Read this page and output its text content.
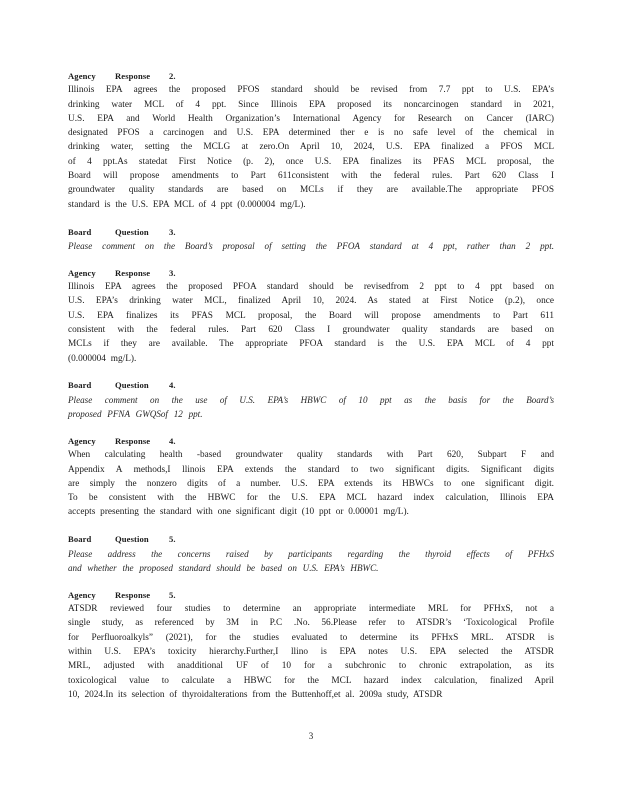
Agency	Response	2.
Illinois EPA agrees the proposed PFOS standard should be revised from 7.7 ppt to U.S. EPA’s
drinking water MCL of 4 ppt. Since Illinois EPA proposed its noncarcinogen standard in 2021,
U.S. EPA and World Health Organization’s International Agency for Research on Cancer (IARC)
designated PFOS a carcinogen and U.S. EPA determined ther e is no safe level of the chemical in
drinking water, setting the MCLG at zero.On April 10, 2024, U.S. EPA finalized a PFOS MCL
of 4 ppt.As statedat First Notice (p. 2), once U.S. EPA finalizes its PFAS MCL proposal, the
Board will propose amendments to Part 611consistent with the federal rules. Part 620 Class I
groundwater quality standards are based on MCLs if they are available.The appropriate PFOS
standard is the U.S. EPA MCL of 4 ppt (0.000004 mg/L).
Board	Question	3.
Please comment on the Board’s proposal of setting the PFOA standard at 4 ppt, rather than 2 ppt.
Agency	Response	3.
Illinois EPA agrees the proposed PFOA standard should be revisedfrom 2 ppt to 4 ppt based on
U.S. EPA’s drinking water MCL, finalized April 10, 2024. As stated at First Notice (p.2), once
U.S. EPA finalizes its PFAS MCL proposal, the Board will propose amendments to Part 611
consistent with the federal rules. Part 620 Class I groundwater quality standards are based on
MCLs if they are available. The appropriate PFOA standard is the U.S. EPA MCL of 4 ppt
(0.000004 mg/L).
Board	Question	4.
Please comment on the use of U.S. EPA’s HBWC of 10 ppt as the basis for the Board’s
proposed PFNA GWQSof 12 ppt.
Agency	Response	4.
When calculating health -based groundwater quality standards with Part 620, Subpart F and
Appendix A methods,I llinois EPA extends the standard to two significant digits. Significant digits
are simply the nonzero digits of a number. U.S. EPA extends its HBWCs to one significant digit.
To be consistent with the HBWC for the U.S. EPA MCL hazard index calculation, Illinois EPA
accepts presenting the standard with one significant digit (10 ppt or 0.00001 mg/L).
Board	Question	5.
Please address the concerns raised by participants regarding the thyroid effects of PFHxS
and whether the proposed standard should be based on U.S. EPA’s HBWC.
Agency	Response	5.
ATSDR reviewed four studies to determine an appropriate intermediate MRL for PFHxS, not a
single study, as referenced by 3M in P.C .No. 56.Please refer to ATSDR’s ‘Toxicological Profile
for Perfluoroalkyls” (2021), for the studies evaluated to determine its PFHxS MRL. ATSDR is
within U.S. EPA’s toxicity hierarchy.Further,I llino is EPA notes U.S. EPA selected the ATSDR
MRL, adjusted with anadditional UF of 10 for a subchronic to chronic extrapolation, as its
toxicological value to calculate a HBWC for the MCL hazard index calculation, finalized April
10, 2024.In its selection of thyroidalterations from the Buttenhoff,et al. 2009a study, ATSDR
3
